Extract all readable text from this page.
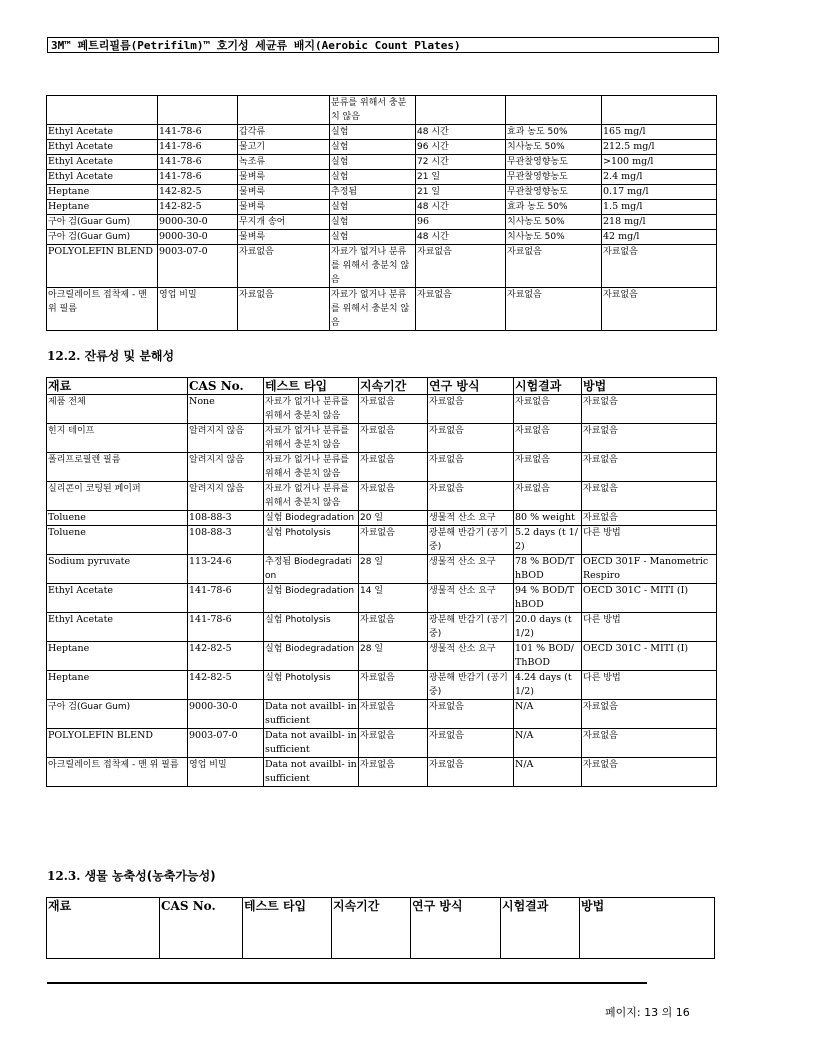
3M™ 페트리필름(Petrifilm)™ 호기성 세균류 배지(Aerobic Count Plates)
			분류를 위해서 충분치 않음			
Ethyl Acetate	141-78-6	갑각류	실험	48 시간	효과 농도 50%	165 mg/l
Ethyl Acetate	141-78-6	물고기	실험	96 시간	치사농도 50%	212.5 mg/l
Ethyl Acetate	141-78-6	녹조류	실험	72 시간	무관찰영향농도	>100 mg/l
Ethyl Acetate	141-78-6	물벼룩	실험	21 일	무관찰영향농도	2.4 mg/l
Heptane	142-82-5	물벼룩	추정됨	21 일	무관찰영향농도	0.17 mg/l
Heptane	142-82-5	물벼룩	실험	48 시간	효과 농도 50%	1.5 mg/l
구아 검(Guar Gum)	9000-30-0	무지개 송어	실험	96	치사농도 50%	218 mg/l
구아 검(Guar Gum)	9000-30-0	물벼룩	실험	48 시간	치사농도 50%	42 mg/l
POLYOLEFIN BLEND	9003-07-0	자료없음	자료가 없거나 분류를 위해서 충분치 않음	자료없음	자료없음	자료없음
아크릴레이트 접착제 - 맨 위 필름	영업 비밀	자료없음	자료가 없거나 분류를 위해서 충분치 않음	자료없음	자료없음	자료없음
12.2. 잔류성 및 분해성
재료	CAS No.	테스트 타입	지속기간	연구 방식	시험결과	방법
제품 전체	None	자료가 없거나 분류를 위해서 충분치 않음	자료없음	자료없음	자료없음	자료없음
힌지 테이프	알려지지 않음	자료가 없거나 분류를 위해서 충분치 않음	자료없음	자료없음	자료없음	자료없음
폴리프로필렌 필름	알려지지 않음	자료가 없거나 분류를 위해서 충분치 않음	자료없음	자료없음	자료없음	자료없음
실리콘이 코팅된 페이퍼	알려지지 않음	자료가 없거나 분류를 위해서 충분치 않음	자료없음	자료없음	자료없음	자료없음
Toluene	108-88-3	실험 Biodegradation	20 일	생물적 산소 요구	80 % weight	자료없음
Toluene	108-88-3	실험 Photolysis	자료없음	광분해 반감기 (공기중)	5.2 days (t 1/2)	다른 방법
Sodium pyruvate	113-24-6	추정됨 Biodegradation	28 일	생물적 산소 요구	78 % BOD/ThBOD	OECD 301F - Manometric Respiro
Ethyl Acetate	141-78-6	실험 Biodegradation	14 일	생물적 산소 요구	94 % BOD/ThBOD	OECD 301C - MITI (I)
Ethyl Acetate	141-78-6	실험 Photolysis	자료없음	광분해 반감기 (공기중)	20.0 days (t 1/2)	다른 방법
Heptane	142-82-5	실험 Biodegradation	28 일	생물적 산소 요구	101 % BOD/ThBOD	OECD 301C - MITI (I)
Heptane	142-82-5	실험 Photolysis	자료없음	광분해 반감기 (공기중)	4.24 days (t 1/2)	다른 방법
구아 검(Guar Gum)	9000-30-0	Data not availbl- insufficient	자료없음	자료없음	N/A	자료없음
POLYOLEFIN BLEND	9003-07-0	Data not availbl- insufficient	자료없음	자료없음	N/A	자료없음
아크릴레이트 접착제 - 맨 위 필름	영업 비밀	Data not availbl- insufficient	자료없음	자료없음	N/A	자료없음
12.3. 생물 농축성(농축가능성)
재료	CAS No.	테스트 타입	지속기간	연구 방식	시험결과	방법
페이지: 13 의 16
